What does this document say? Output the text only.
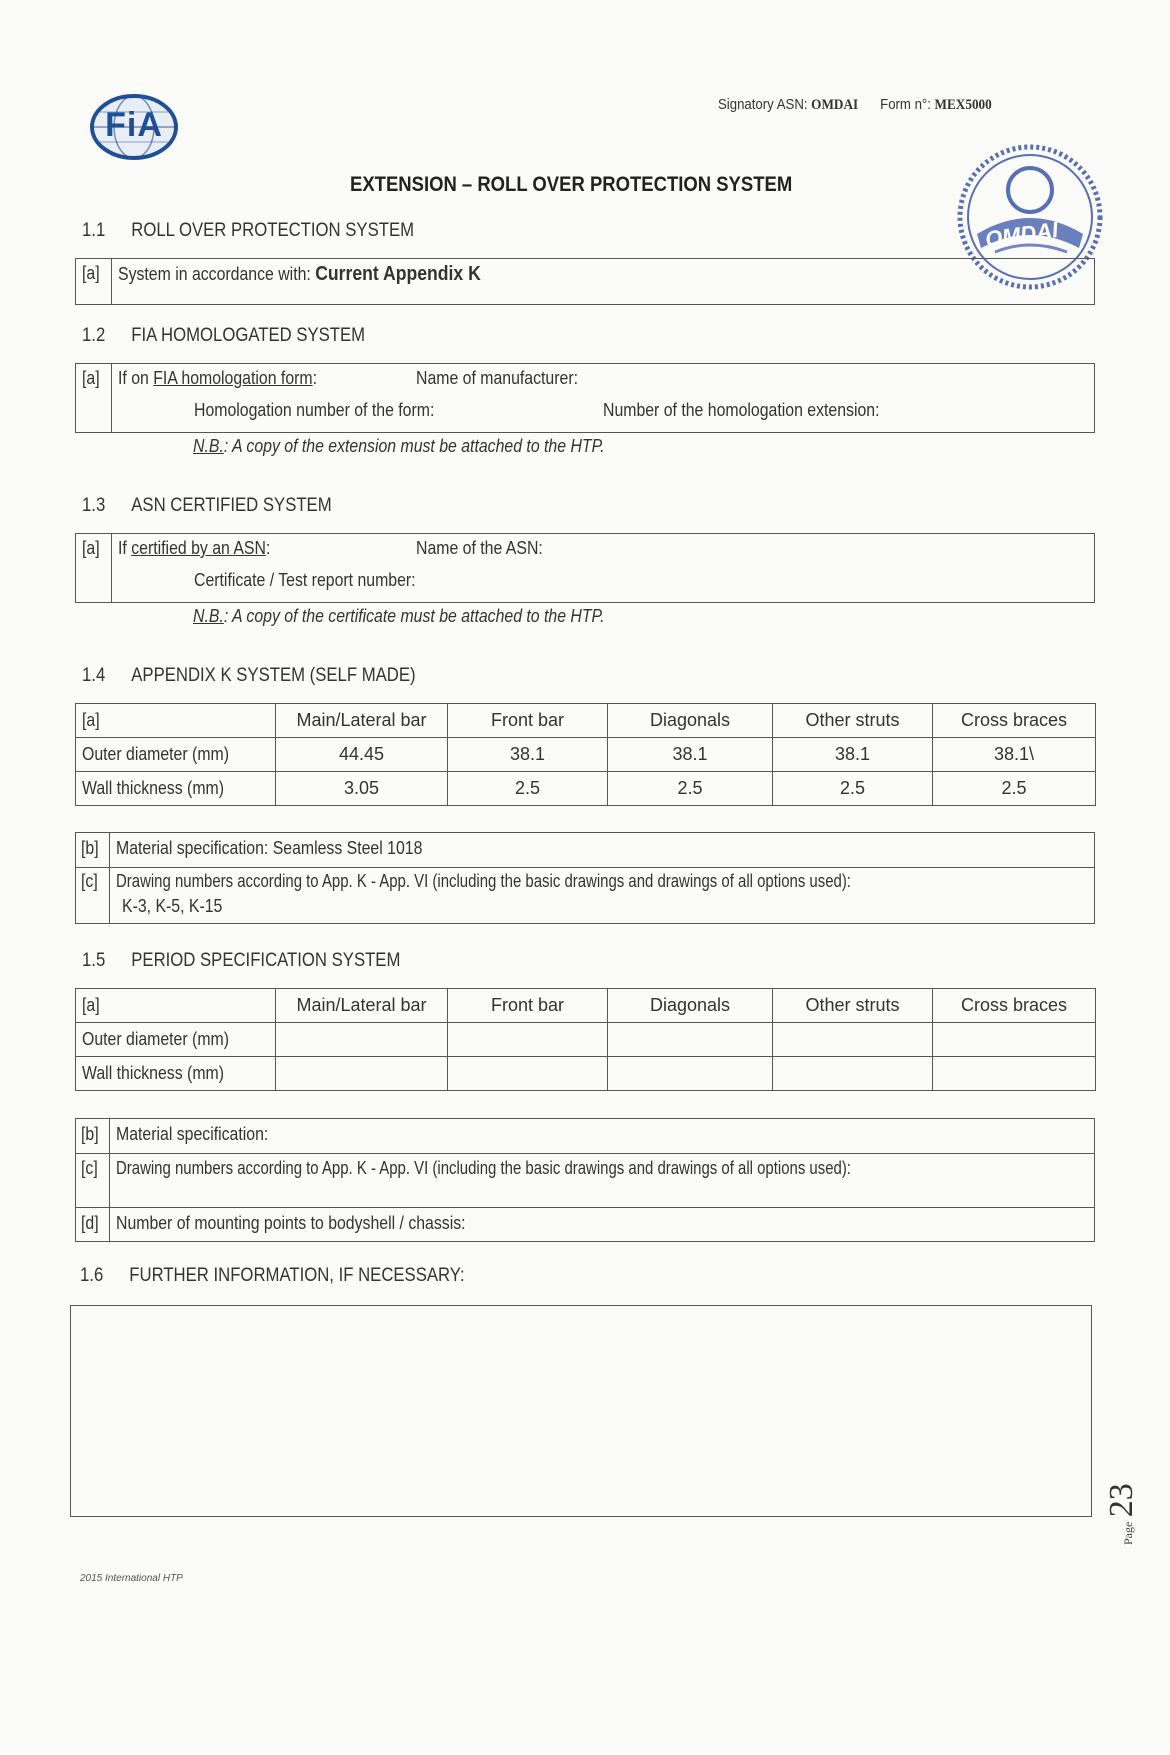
FiA
OMDAI
Signatory ASN: OMDAI Form n°: MEX5000
EXTENSION – ROLL OVER PROTECTION SYSTEM
1.1 ROLL OVER PROTECTION SYSTEM
[a] System in accordance with: Current Appendix K
1.2 FIA HOMOLOGATED SYSTEM
[a] If on FIA homologation form:	Name of manufacturer:
Homologation number of the form:	Number of the homologation extension:
N.B.: A copy of the extension must be attached to the HTP.
1.3 ASN CERTIFIED SYSTEM
[a] If certified by an ASN:	Name of the ASN:
Certificate / Test report number:
N.B.: A copy of the certificate must be attached to the HTP.
1.4 APPENDIX K SYSTEM (SELF MADE)
[a]	Main/Lateral bar	Front bar	Diagonals	Other struts	Cross braces
Outer diameter (mm)	44.45	38.1	38.1	38.1	38.1\
Wall thickness (mm)	3.05	2.5	2.5	2.5	2.5
[b] Material specification: Seamless Steel 1018
[c] Drawing numbers according to App. K - App. VI (including the basic drawings and drawings of all options used):
K-3, K-5, K-15
1.5 PERIOD SPECIFICATION SYSTEM
[a]	Main/Lateral bar	Front bar	Diagonals	Other struts	Cross braces
Outer diameter (mm)					
Wall thickness (mm)					
[b] Material specification:
[c] Drawing numbers according to App. K - App. VI (including the basic drawings and drawings of all options used):
[d] Number of mounting points to bodyshell / chassis:
1.6 FURTHER INFORMATION, IF NECESSARY:
Page 23
2015 International HTP
